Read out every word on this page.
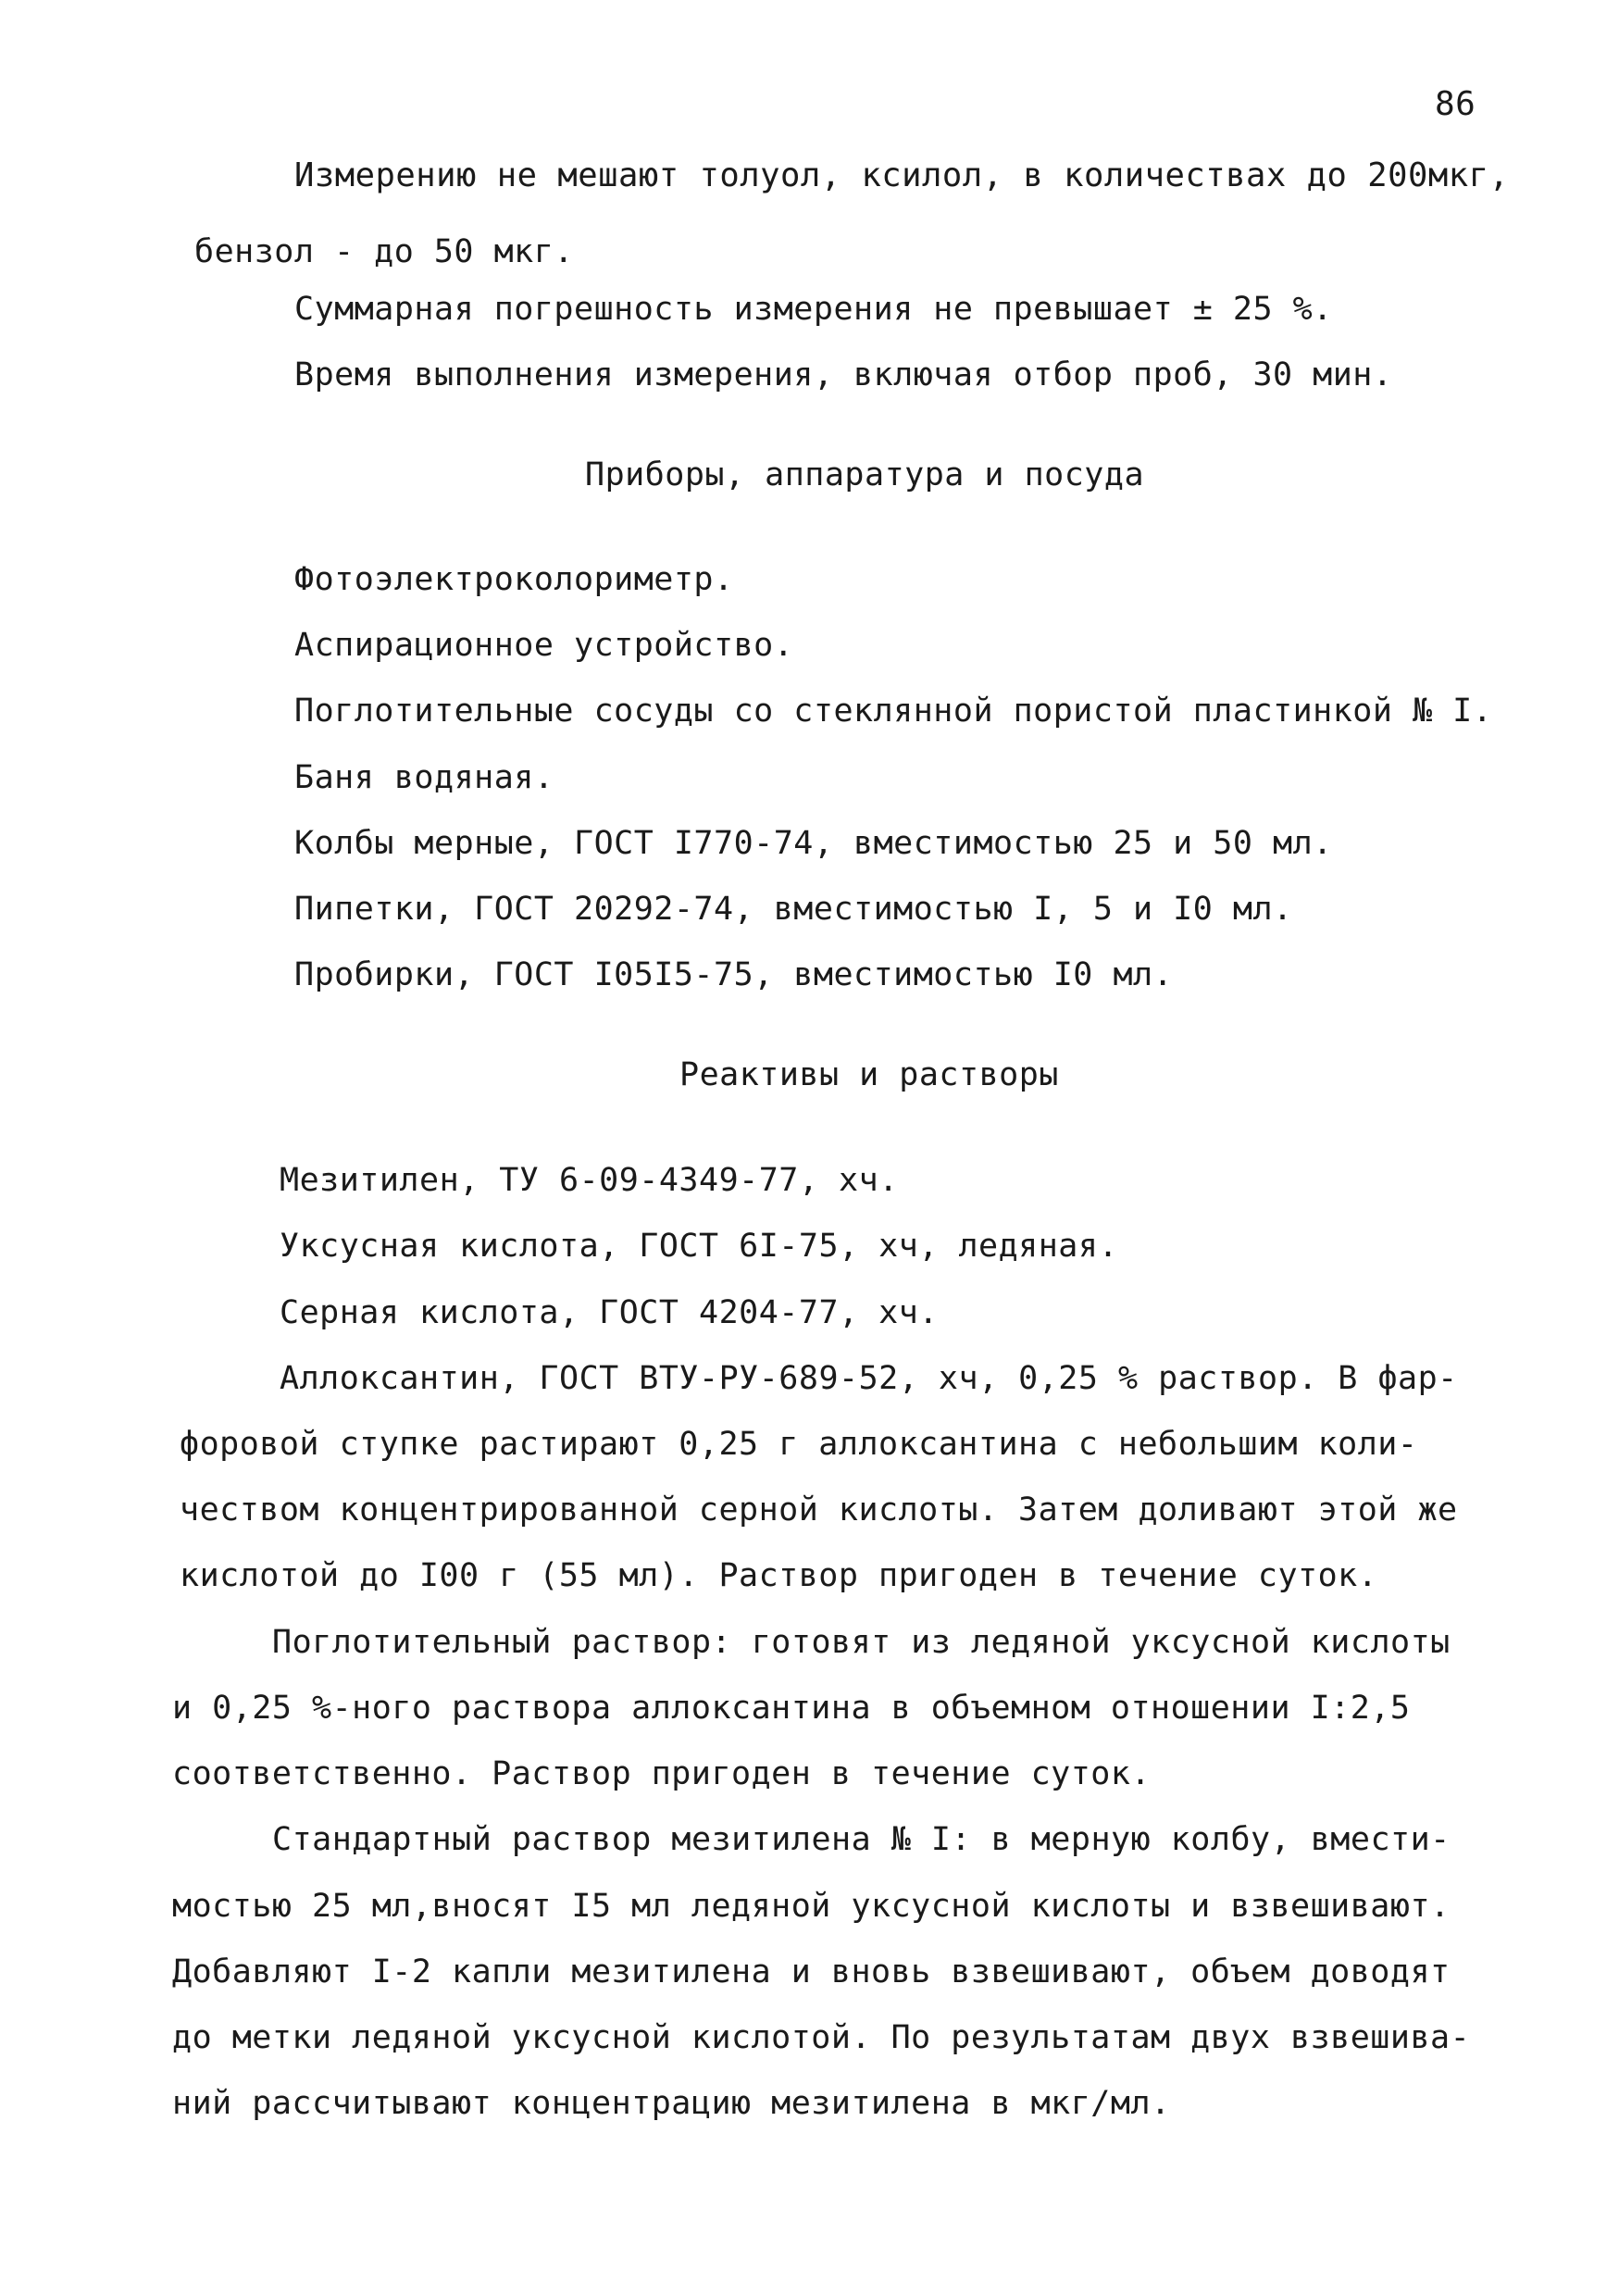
86
Измерению не мешают толуол, ксилол, в количествах до 200мкг,
бензол - до 50 мкг.
Суммарная погрешность измерения не превышает ± 25 %.
Время выполнения измерения, включая отбор проб, 30 мин.
Приборы, аппаратура и посуда
Фотоэлектроколориметр.
Аспирационное устройство.
Поглотительные сосуды со стеклянной пористой пластинкой № I.
Баня водяная.
Колбы мерные, ГОСТ I770-74, вместимостью 25 и 50 мл.
Пипетки, ГОСТ 20292-74, вместимостью I, 5 и I0 мл.
Пробирки, ГОСТ I05I5-75, вместимостью I0 мл.
Реактивы и растворы
Мезитилен, ТУ 6-09-4349-77, хч.
Уксусная кислота, ГОСТ 6I-75, хч, ледяная.
Серная кислота, ГОСТ 4204-77, хч.
Аллоксантин, ГОСТ ВТУ-РУ-689-52, хч, 0,25 % раствор. В фар-
форовой ступке растирают 0,25 г аллоксантина с небольшим коли-
чеством концентрированной серной кислоты. Затем доливают этой же
кислотой до I00 г (55 мл). Раствор пригоден в течение суток.
Поглотительный раствор: готовят из ледяной уксусной кислоты
и 0,25 %-ного раствора аллоксантина в объемном отношении I:2,5
соответственно. Раствор пригоден в течение суток.
Стандартный раствор мезитилена № I: в мерную колбу, вмести-
мостью 25 мл,вносят I5 мл ледяной уксусной кислоты и взвешивают.
Добавляют I-2 капли мезитилена и вновь взвешивают, объем доводят
до метки ледяной уксусной кислотой. По результатам двух взвешива-
ний рассчитывают концентрацию мезитилена в мкг/мл.
